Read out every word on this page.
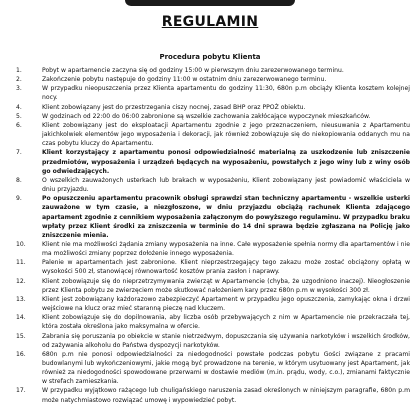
REGULAMIN
Procedura pobytu Klienta
1.	Pobyt w apartamencie zaczyna się od godziny 15:00 w pierwszym dniu zarezerwowanego terminu.
2.	Zakończenie pobytu następuje do godziny 11:00 w ostatnim dniu zarezerwowanego terminu.
3.	W przypadku nieopuszczenia przez Klienta apartamentu do godziny 11:30, 680n p.m obciąży Klienta kosztem kolejnej nocy.
4.	Klient zobowiązany jest do przestrzegania ciszy nocnej, zasad BHP oraz PPOŻ obiektu.
5.	W godzinach od 22:00 do 06:00 zabronione są wszelkie zachowania zakłócające wypoczynek mieszkańców.
6.	Klient zobowiązany jest do eksploatacji Apartamentu zgodnie z jego przeznaczeniem, nieusuwania z Apartamentu jakichkolwiek elementów jego wyposażenia i dekoracji, jak również zobowiązuje się do niekopiowania oddanych mu na czas pobytu kluczy do Apartamentu.
7.	Klient korzystający z apartamentu ponosi odpowiedzialność materialną za uszkodzenie lub zniszczenie przedmiotów, wyposażenia i urządzeń będących na wyposażeniu, powstałych z jego winy lub z winy osób go odwiedzających.
8.	O wszelkich zauważonych usterkach lub brakach w wyposażeniu, Klient zobowiązany jest powiadomić właściciela w dniu przyjazdu.
9.	Po opuszczeniu apartamentu pracownik obsługi sprawdzi stan techniczny apartamentu - wszelkie usterki zauważone w tym czasie, a niezgłoszone, w dniu przyjazdu obciążą rachunek Klienta zdającego apartament zgodnie z cennikiem wyposażenia załączonym do powyższego regulaminu. W przypadku braku wpłaty przez Klient środki za zniszczenia w terminie do 14 dni sprawa będzie zgłaszana na Policję jako zniszczenie mienia.
10.	Klient nie ma możliwości żądania zmiany wyposażenia na inne. Całe wyposażenie spełnia normy dla apartamentów i nie ma możliwości zmiany poprzez dołożenie innego wyposażenia.
11.	Palenie w apartamentach jest zabronione. Klient nieprzestrzegający tego zakazu może zostać obciążony opłatą w wysokości 500 zł, stanowiącej równowartość kosztów prania zasłon i naprawy.
12.	Klient zobowiązuje się do nieprzetrzymywania zwierząt w Apartamencie (chyba, że uzgodniono inaczej). Nieogłoszenie przez Klienta pobytu ze zwierzęciem może skutkować nałożeniem kary przez 680n p.m w wysokości 300 zł.
13.	Klient jest zobowiązany każdorazowo zabezpieczyć Apartament w przypadku jego opuszczenia, zamykając okna i drzwi wejściowe na klucz oraz mieć staranną pieczę nad kluczem.
14.	Klient zobowiązuje się do dopilnowania, aby liczba osób przebywających z nim w Apartamencie nie przekraczała tej, która została określona jako maksymalna w ofercie.
15.	Zabrania się poruszania po obiekcie w stanie nietrzeźwym, dopuszczania się używania narkotyków i wszelkich środków, od zażywania alkoholu do Państwa dyspozycji narkotyków.
16.	680n p.m nie ponosi odpowiedzialności za niedogodności powstałe podczas pobytu Gości związane z pracami budowlanymi lub wykończeniowymi, jakie mogą być prowadzone na terenie, w którym usytuowany jest Apartament, jak również za niedogodności spowodowane przerwami w dostawie mediów (m.in. prądu, wody, c.o.), zmianami faktycznie w strefach zamieszkania.
17.	W przypadku wyjątkowo rażącego lub chuligańskiego naruszenia zasad określonych w niniejszym paragrafie, 680n p.m może natychmiastowo rozwiązać umowę i wypowiedzieć pobyt.
